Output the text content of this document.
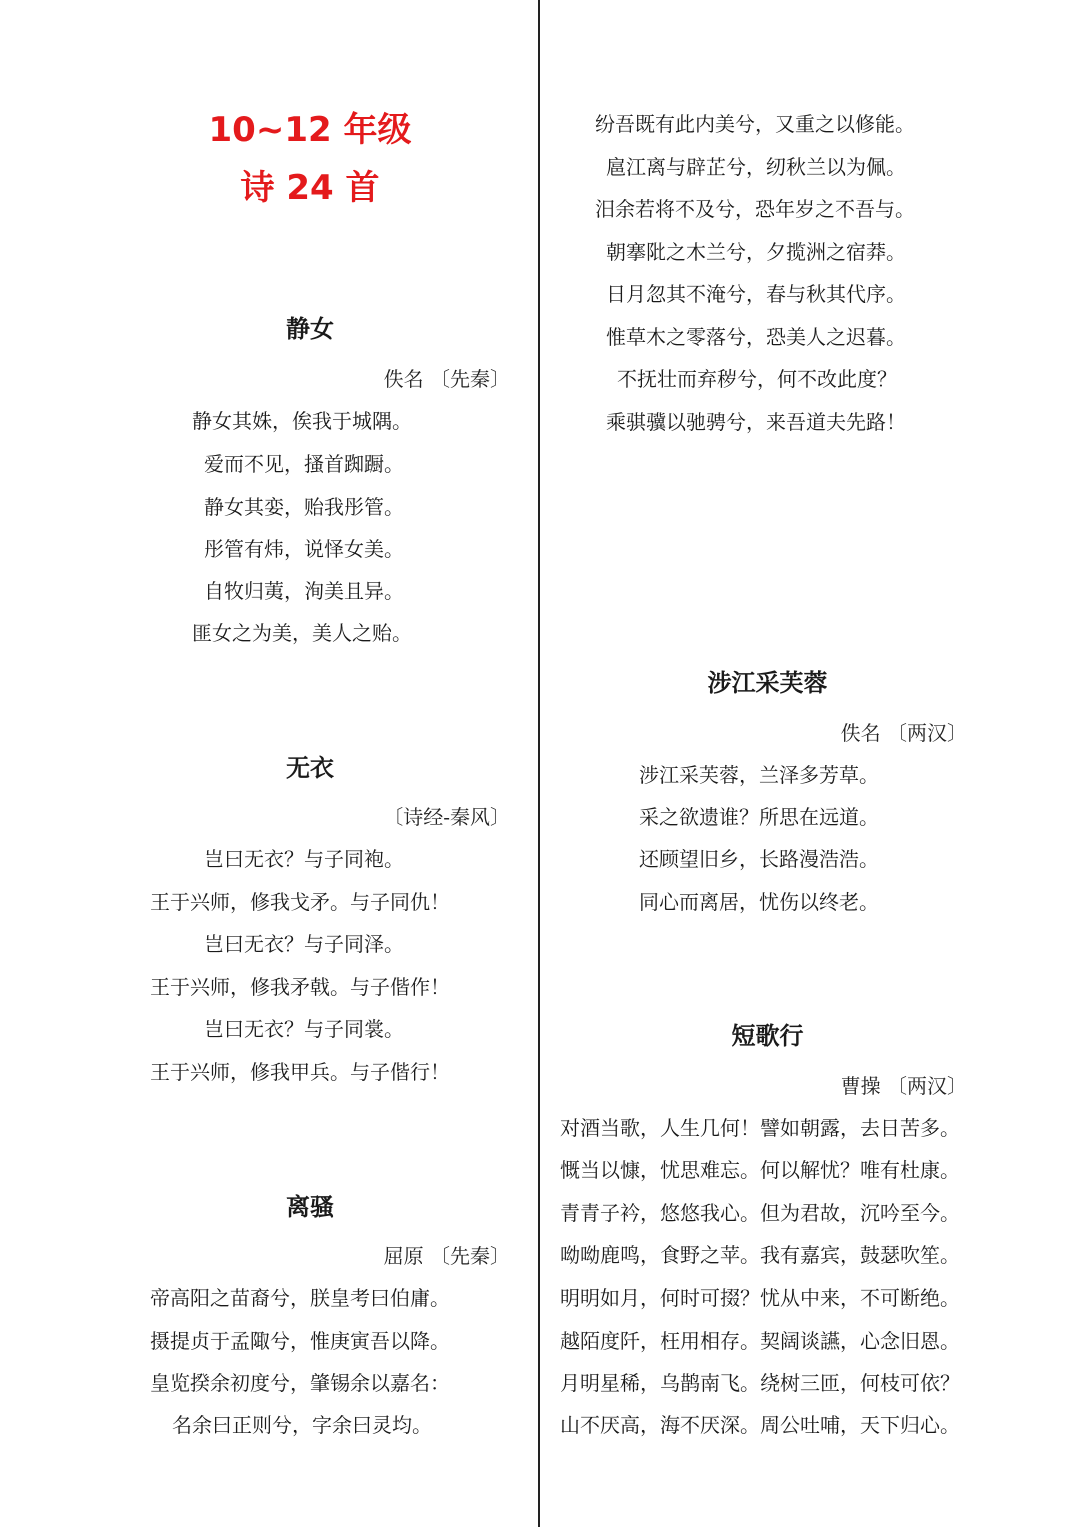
10~12 年级
诗 24 首
静女
佚名 〔先秦〕
静女其姝，俟我于城隅。
爱而不见，搔首踟蹰。
静女其娈，贻我彤管。
彤管有炜，说怿女美。
自牧归荑，洵美且异。
匪女之为美，美人之贻。
无衣
〔诗经-秦风〕
岂曰无衣？与子同袍。
王于兴师，修我戈矛。与子同仇！
岂曰无衣？与子同泽。
王于兴师，修我矛戟。与子偕作！
岂曰无衣？与子同裳。
王于兴师，修我甲兵。与子偕行！
离骚
屈原 〔先秦〕
帝高阳之苗裔兮，朕皇考曰伯庸。
摄提贞于孟陬兮，惟庚寅吾以降。
皇览揆余初度兮，肇锡余以嘉名：
名余曰正则兮，字余曰灵均。
纷吾既有此内美兮，又重之以修能。
扈江离与辟芷兮，纫秋兰以为佩。
汨余若将不及兮，恐年岁之不吾与。
朝搴阰之木兰兮，夕揽洲之宿莽。
日月忽其不淹兮，春与秋其代序。
惟草木之零落兮，恐美人之迟暮。
不抚壮而弃秽兮，何不改此度？
乘骐骥以驰骋兮，来吾道夫先路！
涉江采芙蓉
佚名 〔两汉〕
涉江采芙蓉，兰泽多芳草。
采之欲遗谁？所思在远道。
还顾望旧乡，长路漫浩浩。
同心而离居，忧伤以终老。
短歌行
曹操 〔两汉〕
对酒当歌，人生几何！譬如朝露，去日苦多。
慨当以慷，忧思难忘。何以解忧？唯有杜康。
青青子衿，悠悠我心。但为君故，沉吟至今。
呦呦鹿鸣，食野之苹。我有嘉宾，鼓瑟吹笙。
明明如月，何时可掇？忧从中来，不可断绝。
越陌度阡，枉用相存。契阔谈讌，心念旧恩。
月明星稀，乌鹊南飞。绕树三匝，何枝可依？
山不厌高，海不厌深。周公吐哺，天下归心。
